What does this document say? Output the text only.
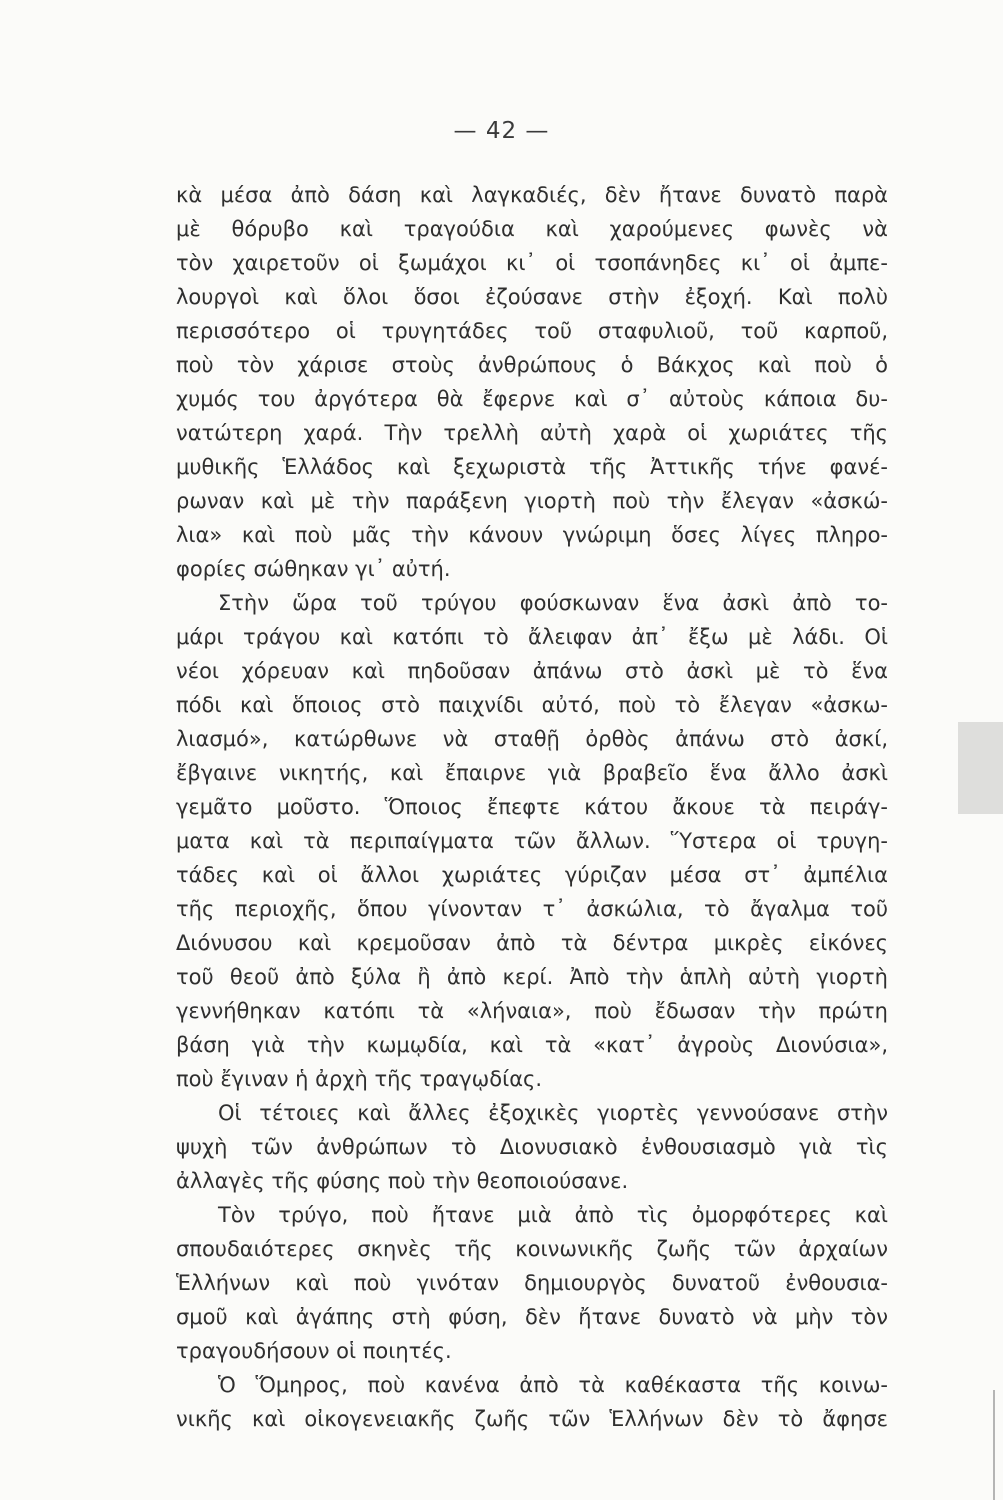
— 42 —
κὰ μέσα ἀπὸ δάση καὶ λαγκαδιές, δὲν ἤτανε δυνατὸ παρὰ
μὲ θόρυβο καὶ τραγούδια καὶ χαρούμενες φωνὲς νὰ
τὸν χαιρετοῦν οἱ ξωμάχοι κι᾿ οἱ τσοπάνηδες κι᾿ οἱ ἀμπε-
λουργοὶ καὶ ὅλοι ὅσοι ἐζούσανε στὴν ἐξοχή. Καὶ πολὺ
περισσότερο οἱ τρυγητάδες τοῦ σταφυλιοῦ, τοῦ καρποῦ,
ποὺ τὸν χάρισε στοὺς ἀνθρώπους ὁ Βάκχος καὶ ποὺ ὁ
χυμός του ἀργότερα θὰ ἔφερνε καὶ σ᾿ αὐτοὺς κάποια δυ-
νατώτερη χαρά. Τὴν τρελλὴ αὐτὴ χαρὰ οἱ χωριάτες τῆς
μυθικῆς Ἑλλάδος καὶ ξεχωριστὰ τῆς Ἀττικῆς τήνε φανέ-
ρωναν καὶ μὲ τὴν παράξενη γιορτὴ ποὺ τὴν ἔλεγαν «ἀσκώ-
λια» καὶ ποὺ μᾶς τὴν κάνουν γνώριμη ὅσες λίγες πληρο-
φορίες σώθηκαν γι᾿ αὐτή.
Στὴν ὥρα τοῦ τρύγου φούσκωναν ἕνα ἀσκὶ ἀπὸ το-
μάρι τράγου καὶ κατόπι τὸ ἄλειφαν ἀπ᾿ ἔξω μὲ λάδι. Οἱ
νέοι χόρευαν καὶ πηδοῦσαν ἀπάνω στὸ ἀσκὶ μὲ τὸ ἕνα
πόδι καὶ ὅποιος στὸ παιχνίδι αὐτό, ποὺ τὸ ἔλεγαν «ἀσκω-
λιασμό», κατώρθωνε νὰ σταθῇ ὀρθὸς ἀπάνω στὸ ἀσκί,
ἔβγαινε νικητής, καὶ ἔπαιρνε γιὰ βραβεῖο ἕνα ἄλλο ἀσκὶ
γεμᾶτο μοῦστο. Ὅποιος ἔπεφτε κάτου ἄκουε τὰ πειράγ-
ματα καὶ τὰ περιπαίγματα τῶν ἄλλων. Ὕστερα οἱ τρυγη-
τάδες καὶ οἱ ἄλλοι χωριάτες γύριζαν μέσα στ᾿ ἀμπέλια
τῆς περιοχῆς, ὅπου γίνονταν τ᾿ ἀσκώλια, τὸ ἄγαλμα τοῦ
Διόνυσου καὶ κρεμοῦσαν ἀπὸ τὰ δέντρα μικρὲς εἰκόνες
τοῦ θεοῦ ἀπὸ ξύλα ἢ ἀπὸ κερί. Ἀπὸ τὴν ἁπλὴ αὐτὴ γιορτὴ
γεννήθηκαν κατόπι τὰ «λήναια», ποὺ ἔδωσαν τὴν πρώτη
βάση γιὰ τὴν κωμῳδία, καὶ τὰ «κατ᾿ ἀγροὺς Διονύσια»,
ποὺ ἔγιναν ἡ ἀρχὴ τῆς τραγῳδίας.
Οἱ τέτοιες καὶ ἄλλες ἐξοχικὲς γιορτὲς γεννούσανε στὴν
ψυχὴ τῶν ἀνθρώπων τὸ Διονυσιακὸ ἐνθουσιασμὸ γιὰ τὶς
ἀλλαγὲς τῆς φύσης ποὺ τὴν θεοποιούσανε.
Τὸν τρύγο, ποὺ ἤτανε μιὰ ἀπὸ τὶς ὀμορφότερες καὶ
σπουδαιότερες σκηνὲς τῆς κοινωνικῆς ζωῆς τῶν ἀρχαίων
Ἑλλήνων καὶ ποὺ γινόταν δημιουργὸς δυνατοῦ ἐνθουσια-
σμοῦ καὶ ἀγάπης στὴ φύση, δὲν ἤτανε δυνατὸ νὰ μὴν τὸν
τραγουδήσουν οἱ ποιητές.
Ὁ Ὅμηρος, ποὺ κανένα ἀπὸ τὰ καθέκαστα τῆς κοινω-
νικῆς καὶ οἰκογενειακῆς ζωῆς τῶν Ἑλλήνων δὲν τὸ ἄφησε
